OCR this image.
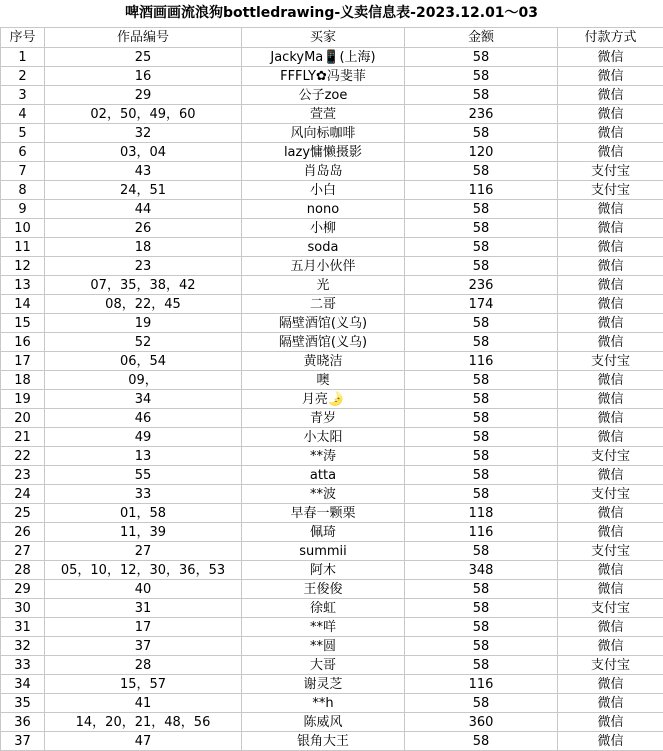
啤酒画画流浪狗bottledrawing-义卖信息表-2023.12.01～03
序号	作品编号	买家	金额	付款方式
1	25	JackyMa📱(上海)	58	微信
2	16	FFFLY✿冯斐菲	58	微信
3	29	公子zoe	58	微信
4	02，50，49，60	萱萱	236	微信
5	32	风向标咖啡	58	微信
6	03，04	lazy慵懒摄影	120	微信
7	43	肖岛岛	58	支付宝
8	24，51	小白	116	支付宝
9	44	nono	58	微信
10	26	小柳	58	微信
11	18	soda	58	微信
12	23	五月小伙伴	58	微信
13	07，35，38，42	光	236	微信
14	08，22，45	二哥	174	微信
15	19	隔壁酒馆(义乌)	58	微信
16	52	隔壁酒馆(义乌)	58	微信
17	06，54	黄晓洁	116	支付宝
18	09，	噢	58	微信
19	34	月亮🌛	58	微信
20	46	青岁	58	微信
21	49	小太阳	58	微信
22	13	**涛	58	支付宝
23	55	atta	58	微信
24	33	**波	58	支付宝
25	01，58	早春一颗栗	118	微信
26	11，39	佩琦	116	微信
27	27	summii	58	支付宝
28	05，10，12，30，36，53	阿木	348	微信
29	40	王俊俊	58	微信
30	31	徐虹	58	支付宝
31	17	**咩	58	微信
32	37	**圆	58	微信
33	28	大哥	58	支付宝
34	15，57	谢灵芝	116	微信
35	41	**h	58	微信
36	14，20，21，48，56	陈威风	360	微信
37	47	银角大王	58	微信
